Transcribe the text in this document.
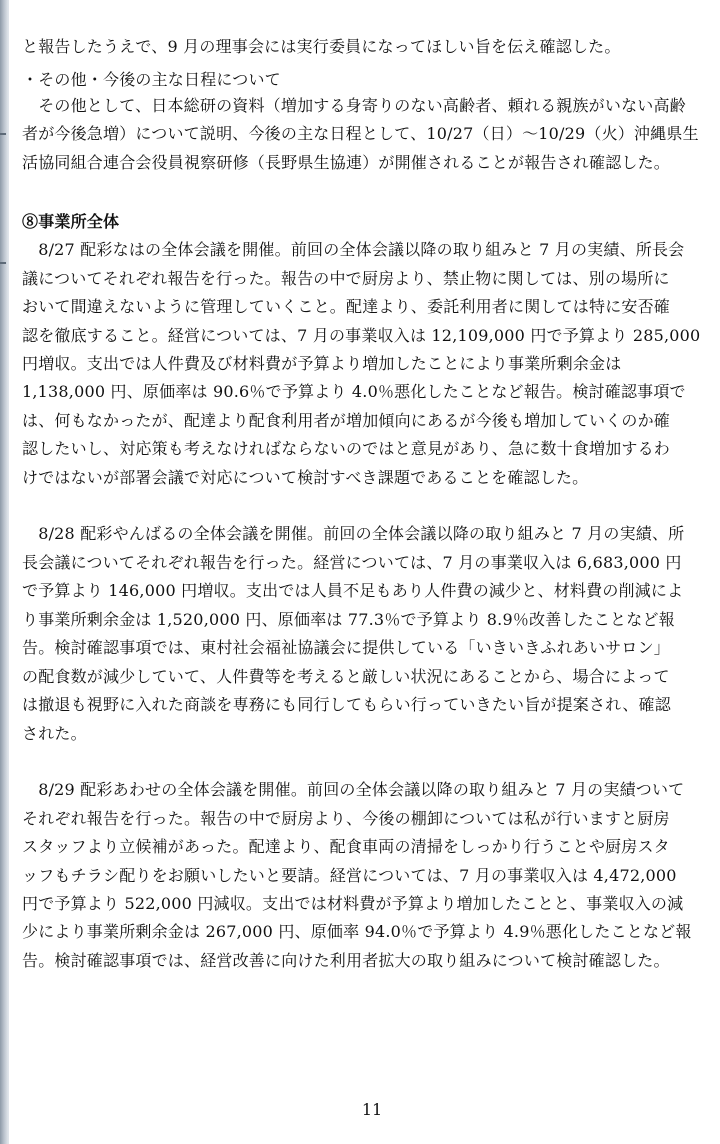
と報告したうえで、9 月の理事会には実行委員になってほしい旨を伝え確認した。
・その他・今後の主な日程について
　その他として、日本総研の資料（増加する身寄りのない高齢者、頼れる親族がいない高齢
者が今後急増）について説明、今後の主な日程として、10/27（日）～10/29（火）沖縄県生
活協同組合連合会役員視察研修（長野県生協連）が開催されることが報告され確認した。
⑧事業所全体
　8/27 配彩なはの全体会議を開催。前回の全体会議以降の取り組みと 7 月の実績、所長会
議についてそれぞれ報告を行った。報告の中で厨房より、禁止物に関しては、別の場所に
おいて間違えないように管理していくこと。配達より、委託利用者に関しては特に安否確
認を徹底すること。経営については、7 月の事業収入は 12,109,000 円で予算より 285,000
円増収。支出では人件費及び材料費が予算より増加したことにより事業所剰余金は
1,138,000 円、原価率は 90.6％で予算より 4.0％悪化したことなど報告。検討確認事項で
は、何もなかったが、配達より配食利用者が増加傾向にあるが今後も増加していくのか確
認したいし、対応策も考えなければならないのではと意見があり、急に数十食増加するわ
けではないが部署会議で対応について検討すべき課題であることを確認した。
　8/28 配彩やんばるの全体会議を開催。前回の全体会議以降の取り組みと 7 月の実績、所
長会議についてそれぞれ報告を行った。経営については、7 月の事業収入は 6,683,000 円
で予算より 146,000 円増収。支出では人員不足もあり人件費の減少と、材料費の削減によ
り事業所剰余金は 1,520,000 円、原価率は 77.3％で予算より 8.9％改善したことなど報
告。検討確認事項では、東村社会福祉協議会に提供している「いきいきふれあいサロン」
の配食数が減少していて、人件費等を考えると厳しい状況にあることから、場合によって
は撤退も視野に入れた商談を専務にも同行してもらい行っていきたい旨が提案され、確認
された。
　8/29 配彩あわせの全体会議を開催。前回の全体会議以降の取り組みと 7 月の実績ついて
それぞれ報告を行った。報告の中で厨房より、今後の棚卸については私が行いますと厨房
スタッフより立候補があった。配達より、配食車両の清掃をしっかり行うことや厨房スタ
ッフもチラシ配りをお願いしたいと要請。経営については、7 月の事業収入は 4,472,000
円で予算より 522,000 円減収。支出では材料費が予算より増加したことと、事業収入の減
少により事業所剰余金は 267,000 円、原価率 94.0％で予算より 4.9％悪化したことなど報
告。検討確認事項では、経営改善に向けた利用者拡大の取り組みについて検討確認した。
11
